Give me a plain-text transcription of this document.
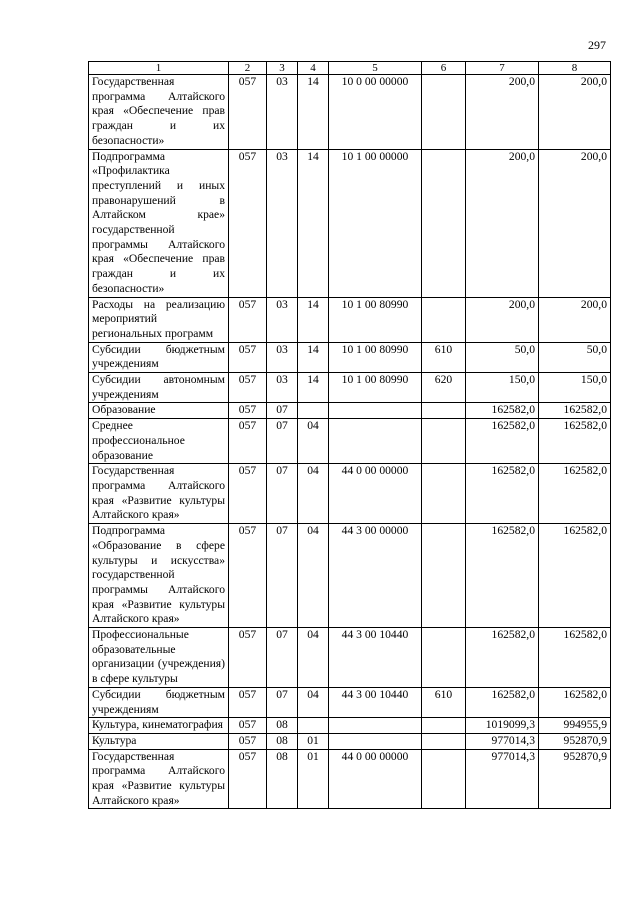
297
1	2	3	4	5	6	7	8
Государственная программа Алтайского края «Обеспечение прав граждан и их безопасности»	057	03	14	10 0 00 00000		200,0	200,0
Подпрограмма «Профилактика преступлений и иных правонарушений в Алтайском крае» государственной программы Алтайского края «Обеспечение прав граждан и их безопасности»	057	03	14	10 1 00 00000		200,0	200,0
Расходы на реализацию мероприятий региональных программ	057	03	14	10 1 00 80990		200,0	200,0
Субсидии бюджетным учреждениям	057	03	14	10 1 00 80990	610	50,0	50,0
Субсидии автономным учреждениям	057	03	14	10 1 00 80990	620	150,0	150,0
Образование	057	07				162582,0	162582,0
Среднее профессиональное образование	057	07	04			162582,0	162582,0
Государственная программа Алтайского края «Развитие культуры Алтайского края»	057	07	04	44 0 00 00000		162582,0	162582,0
Подпрограмма «Образование в сфере культуры и искусства» государственной программы Алтайского края «Развитие культуры Алтайского края»	057	07	04	44 3 00 00000		162582,0	162582,0
Профессиональные образовательные организации (учреждения) в сфере культуры	057	07	04	44 3 00 10440		162582,0	162582,0
Субсидии бюджетным учреждениям	057	07	04	44 3 00 10440	610	162582,0	162582,0
Культура, кинематография	057	08				1019099,3	994955,9
Культура	057	08	01			977014,3	952870,9
Государственная программа Алтайского края «Развитие культуры Алтайского края»	057	08	01	44 0 00 00000		977014,3	952870,9
